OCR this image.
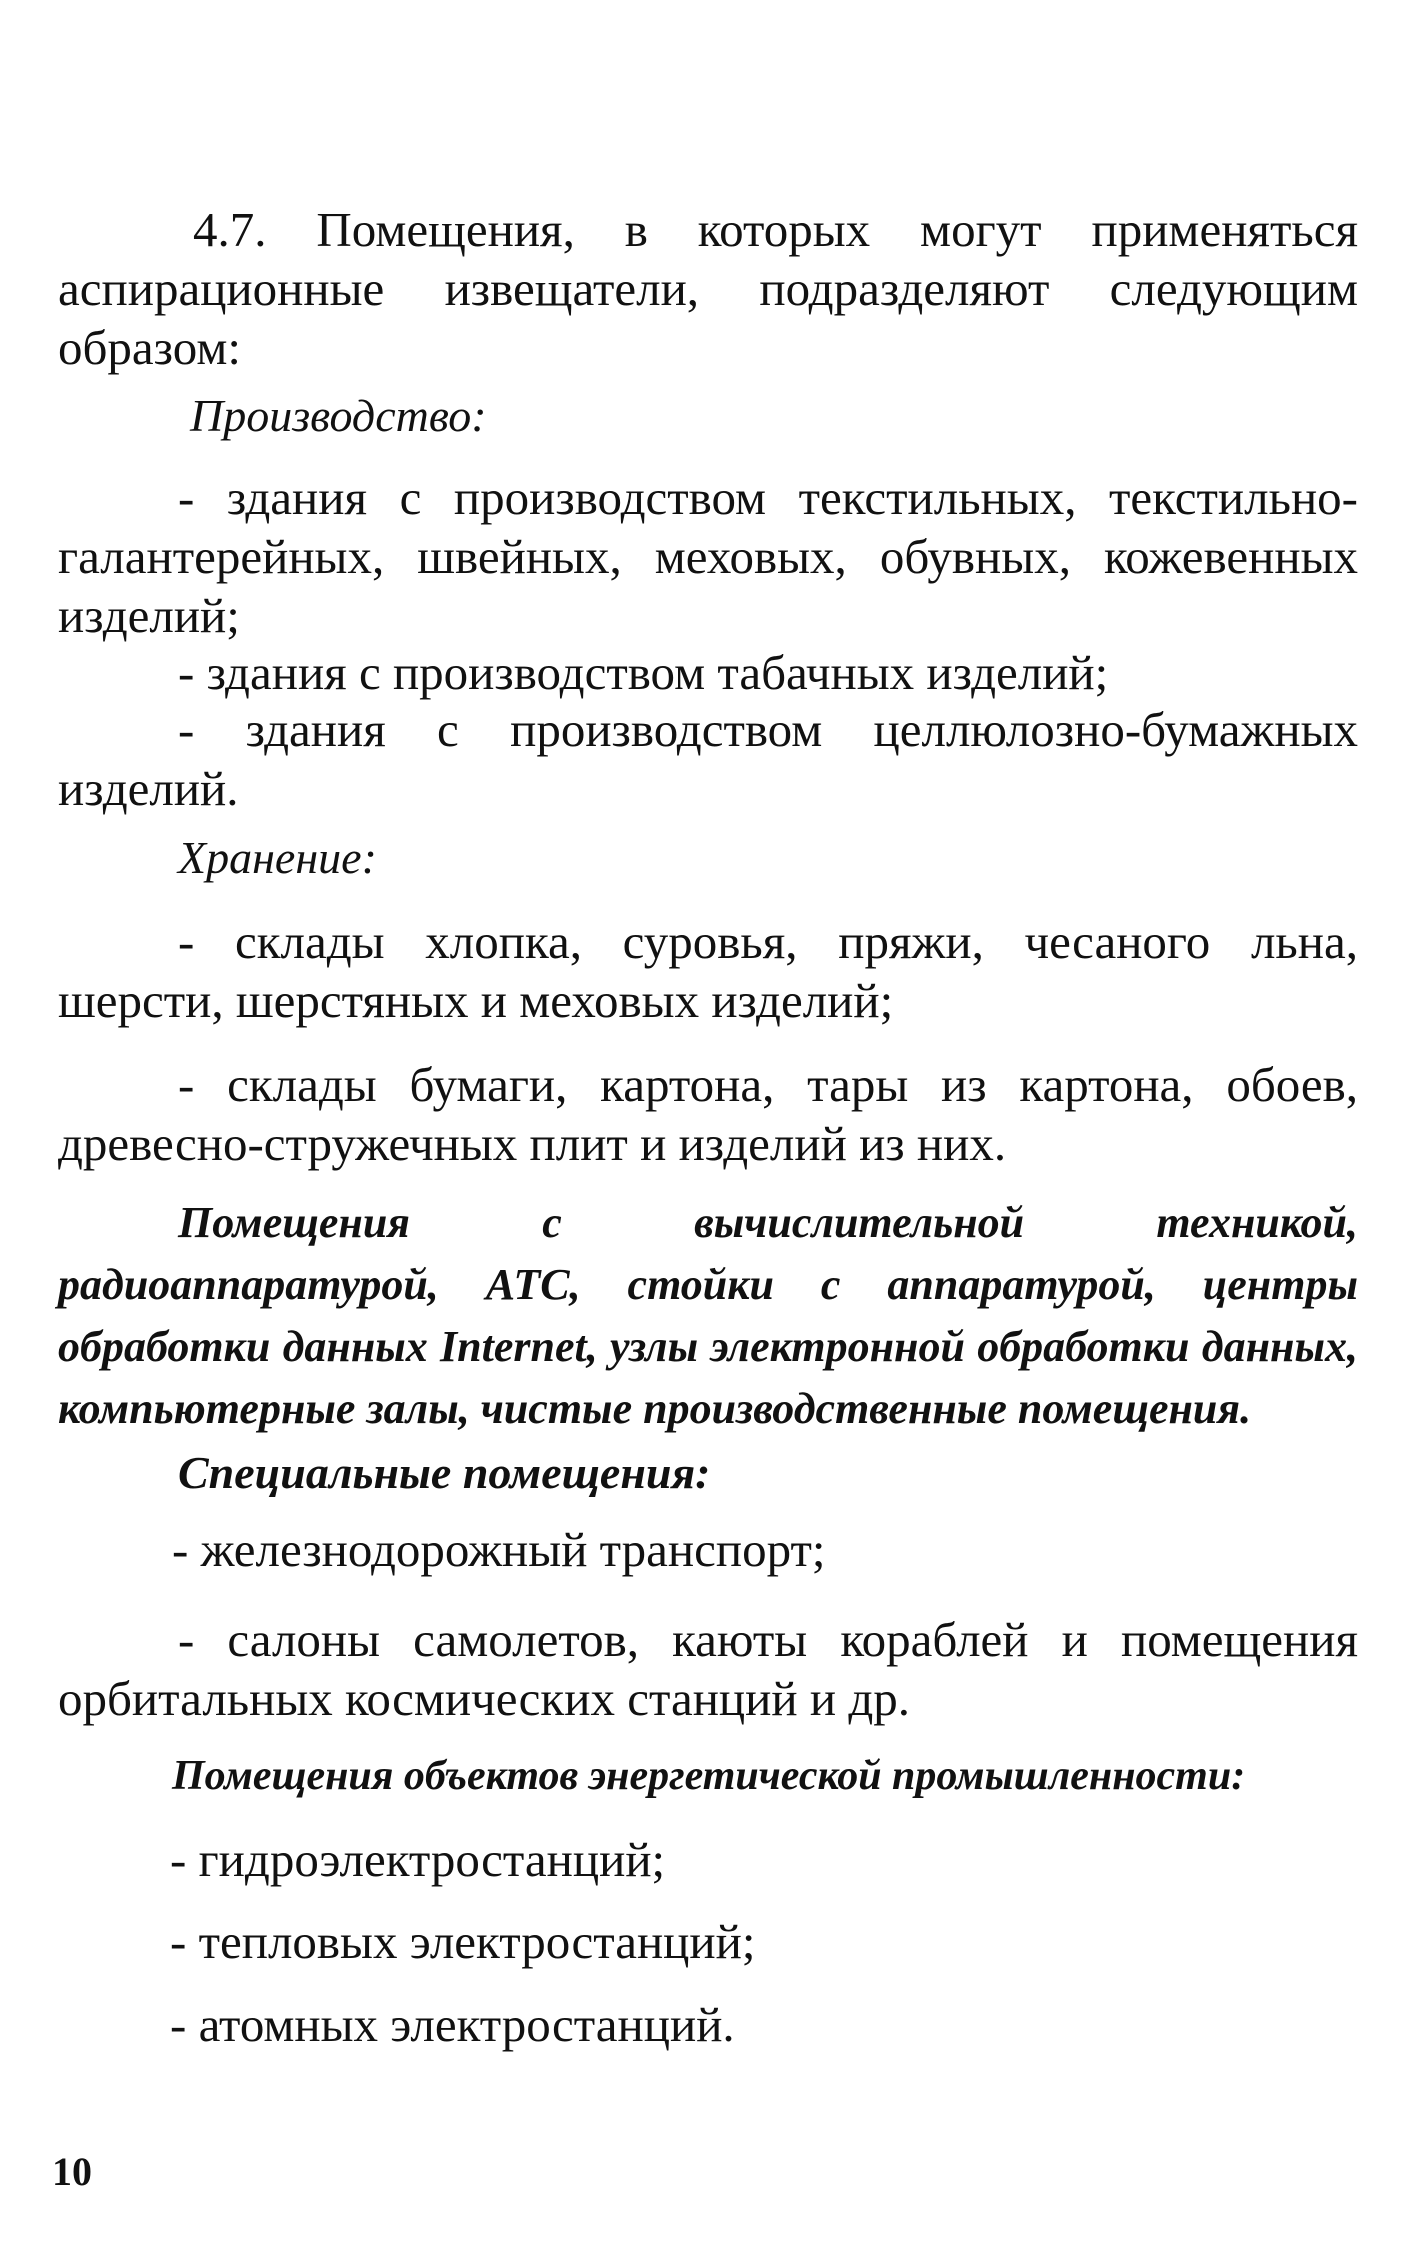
4.7. Помещения, в которых могут применяться аспирационные извещатели, подразделяют следующим образом:

Производство:

- здания с производством текстильных, текстильно-галантерейных, швейных, меховых, обувных, кожевенных изделий;

- здания с производством табачных изделий;

- здания с производством целлюлозно-бумажных изделий.

Хранение:

- склады хлопка, суровья, пряжи, чесаного льна, шерсти, шерстяных и меховых изделий;

- склады бумаги, картона, тары из картона, обоев, древесно-стружечных плит и изделий из них.

Помещения с вычислительной техникой, радиоаппаратурой, АТС, стойки с аппаратурой, центры обработки данных Internet, узлы электронной обработки данных, компьютерные залы, чистые производственные помещения.

Специальные помещения:

- железнодорожный транспорт;

- салоны самолетов, каюты кораблей и помещения орбитальных космических станций и др.

Помещения объектов энергетической промышленности:

- гидроэлектростанций;

- тепловых электростанций;

- атомных электростанций.

10
